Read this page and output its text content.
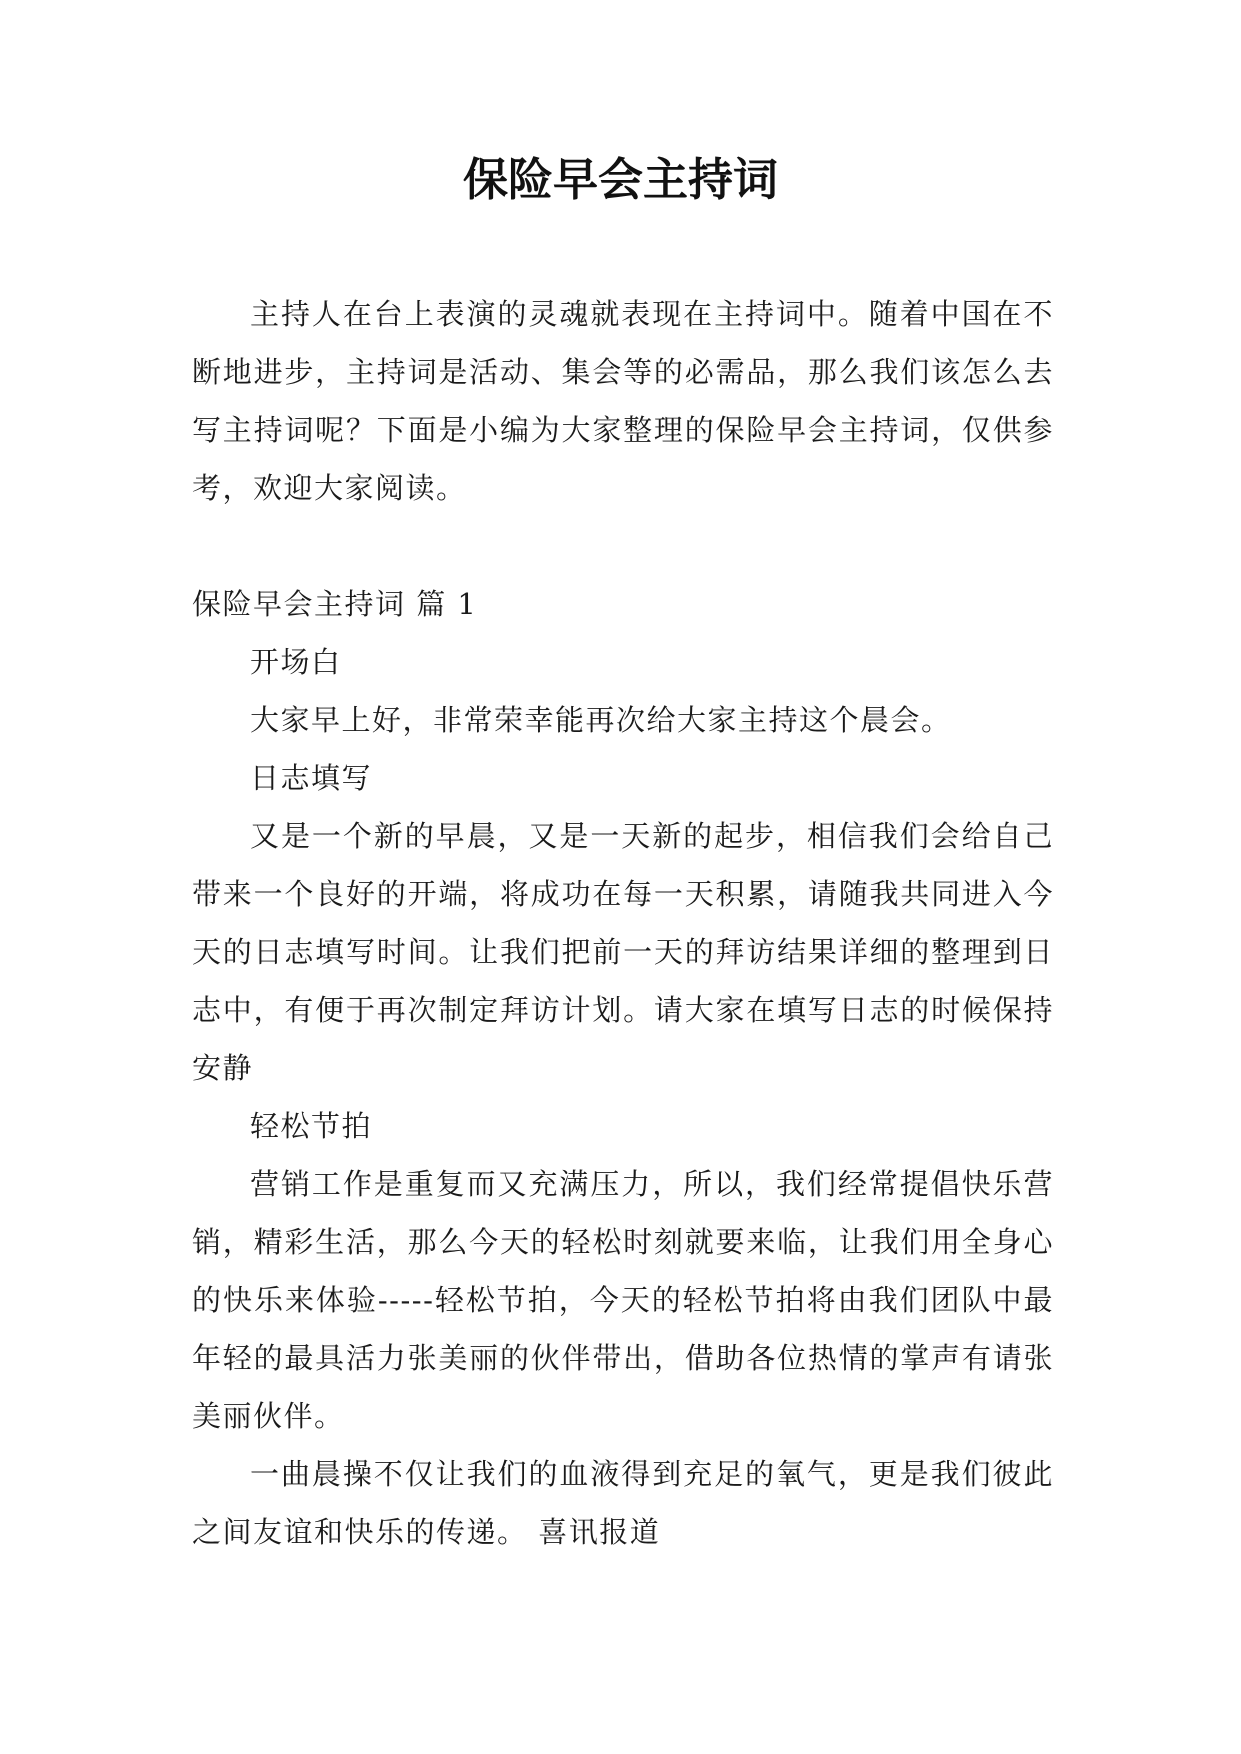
保险早会主持词

主持人在台上表演的灵魂就表现在主持词中。随着中国在不断地进步，主持词是活动、集会等的必需品，那么我们该怎么去写主持词呢？下面是小编为大家整理的保险早会主持词，仅供参考，欢迎大家阅读。

保险早会主持词 篇 1

开场白

大家早上好，非常荣幸能再次给大家主持这个晨会。

日志填写

又是一个新的早晨，又是一天新的起步，相信我们会给自己带来一个良好的开端，将成功在每一天积累，请随我共同进入今天的日志填写时间。让我们把前一天的拜访结果详细的整理到日志中，有便于再次制定拜访计划。请大家在填写日志的时候保持安静

轻松节拍

营销工作是重复而又充满压力，所以，我们经常提倡快乐营销，精彩生活，那么今天的轻松时刻就要来临，让我们用全身心的快乐来体验-----轻松节拍，今天的轻松节拍将由我们团队中最年轻的最具活力张美丽的伙伴带出，借助各位热情的掌声有请张美丽伙伴。

一曲晨操不仅让我们的血液得到充足的氧气，更是我们彼此之间友谊和快乐的传递。 喜讯报道
